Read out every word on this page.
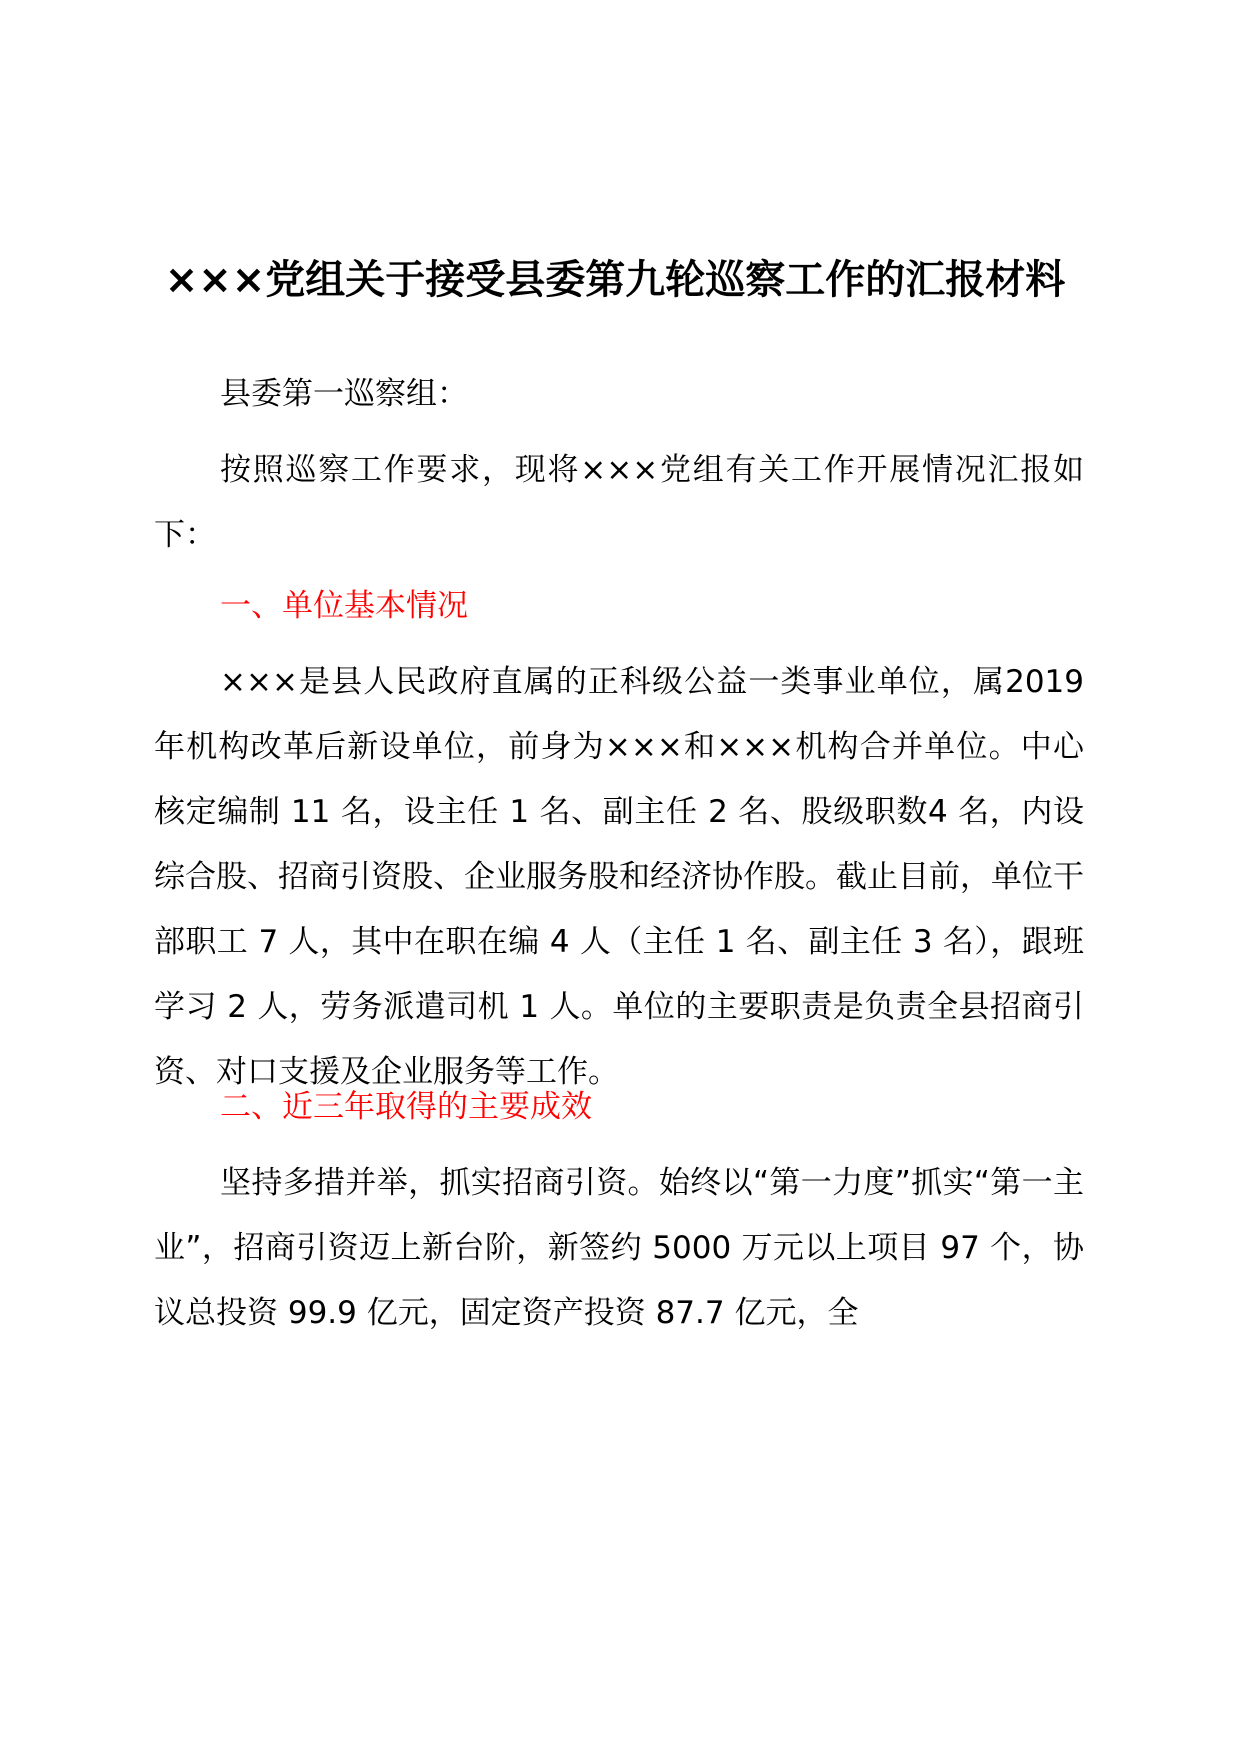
×××党组关于接受县委第九轮巡察工作的汇报材料

县委第一巡察组：

按照巡察工作要求，现将×××党组有关工作开展情况汇报如下：

一、单位基本情况

×××是县人民政府直属的正科级公益一类事业单位，属2019 年机构改革后新设单位，前身为×××和×××机构合并单位。中心核定编制 11 名，设主任 1 名、副主任 2 名、股级职数4 名，内设综合股、招商引资股、企业服务股和经济协作股。截止目前，单位干部职工 7 人，其中在职在编 4 人（主任 1 名、副主任 3 名），跟班学习 2 人，劳务派遣司机 1 人。单位的主要职责是负责全县招商引资、对口支援及企业服务等工作。

二、近三年取得的主要成效

坚持多措并举，抓实招商引资。始终以“第一力度”抓实“第一主业”，招商引资迈上新台阶，新签约 5000 万元以上项目 97 个，协议总投资 99.9 亿元，固定资产投资 87.7 亿元，全
